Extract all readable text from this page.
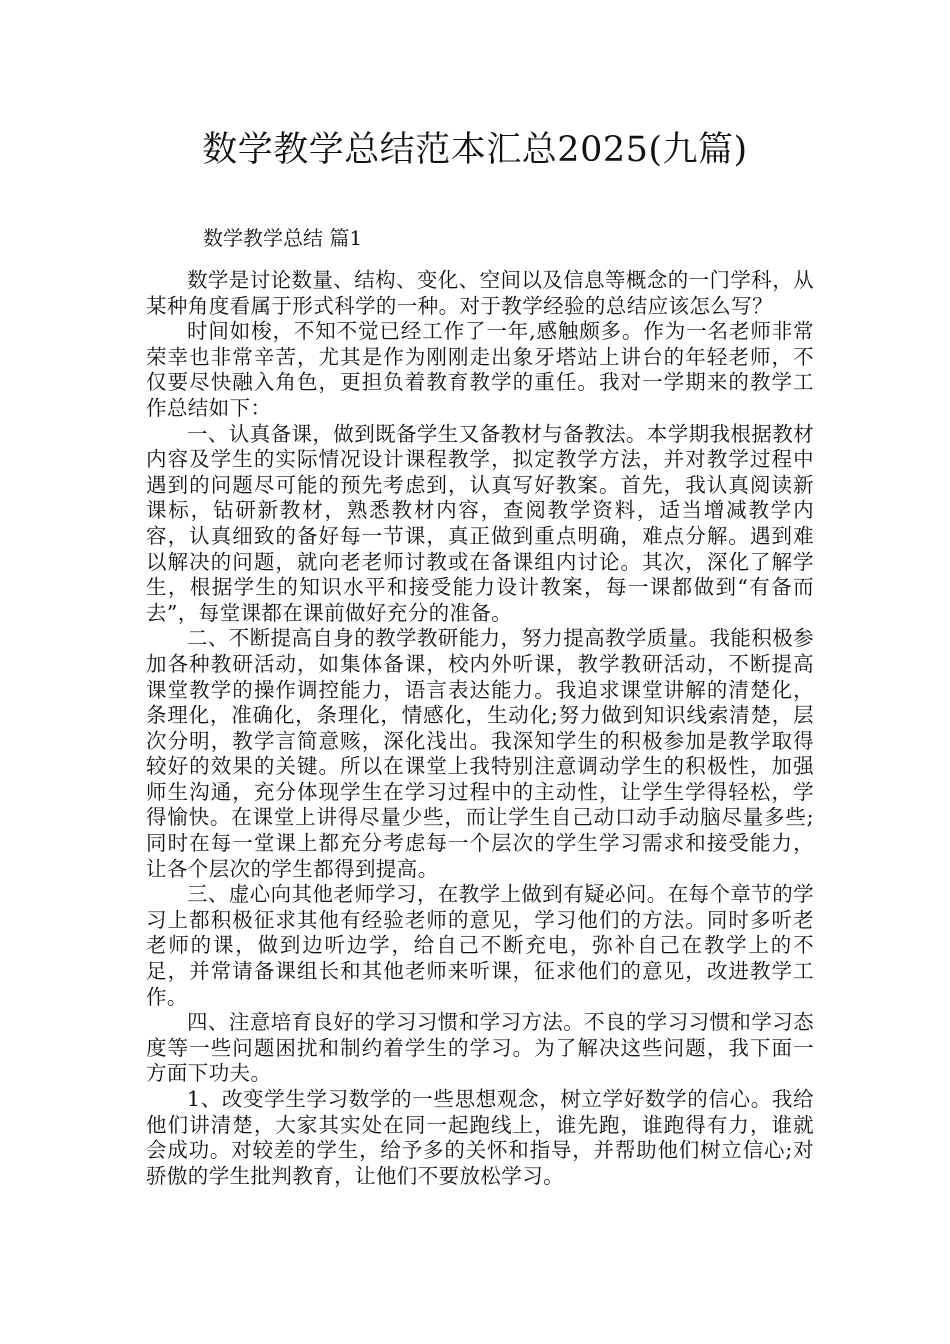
数学教学总结范本汇总2025(九篇)
数学教学总结 篇1

数学是讨论数量、结构、变化、空间以及信息等概念的一门学科，从某种角度看属于形式科学的一种。对于教学经验的总结应该怎么写？

时间如梭，不知不觉已经工作了一年,感触颇多。作为一名老师非常荣幸也非常辛苦，尤其是作为刚刚走出象牙塔站上讲台的年轻老师，不仅要尽快融入角色，更担负着教育教学的重任。我对一学期来的教学工作总结如下：

一、认真备课，做到既备学生又备教材与备教法。本学期我根据教材内容及学生的实际情况设计课程教学，拟定教学方法，并对教学过程中遇到的问题尽可能的预先考虑到，认真写好教案。首先，我认真阅读新课标，钻研新教材，熟悉教材内容，查阅教学资料，适当增减教学内容，认真细致的备好每一节课，真正做到重点明确，难点分解。遇到难以解决的问题，就向老老师讨教或在备课组内讨论。其次，深化了解学生，根据学生的知识水平和接受能力设计教案，每一课都做到“有备而去”，每堂课都在课前做好充分的准备。

二、不断提高自身的教学教研能力，努力提高教学质量。我能积极参加各种教研活动，如集体备课，校内外听课，教学教研活动，不断提高课堂教学的操作调控能力，语言表达能力。我追求课堂讲解的清楚化，条理化，准确化，条理化，情感化，生动化;努力做到知识线索清楚，层次分明，教学言简意赅，深化浅出。我深知学生的积极参加是教学取得较好的效果的关键。所以在课堂上我特别注意调动学生的积极性，加强师生沟通，充分体现学生在学习过程中的主动性，让学生学得轻松，学得愉快。在课堂上讲得尽量少些，而让学生自己动口动手动脑尽量多些;同时在每一堂课上都充分考虑每一个层次的学生学习需求和接受能力，让各个层次的学生都得到提高。

三、虚心向其他老师学习，在教学上做到有疑必问。在每个章节的学习上都积极征求其他有经验老师的意见，学习他们的方法。同时多听老老师的课，做到边听边学，给自己不断充电，弥补自己在教学上的不足，并常请备课组长和其他老师来听课，征求他们的意见，改进教学工作。

四、注意培育良好的学习习惯和学习方法。不良的学习习惯和学习态度等一些问题困扰和制约着学生的学习。为了解决这些问题，我下面一方面下功夫。

1、改变学生学习数学的一些思想观念，树立学好数学的信心。我给他们讲清楚，大家其实处在同一起跑线上，谁先跑，谁跑得有力，谁就会成功。对较差的学生，给予多的关怀和指导，并帮助他们树立信心;对骄傲的学生批判教育，让他们不要放松学习。
